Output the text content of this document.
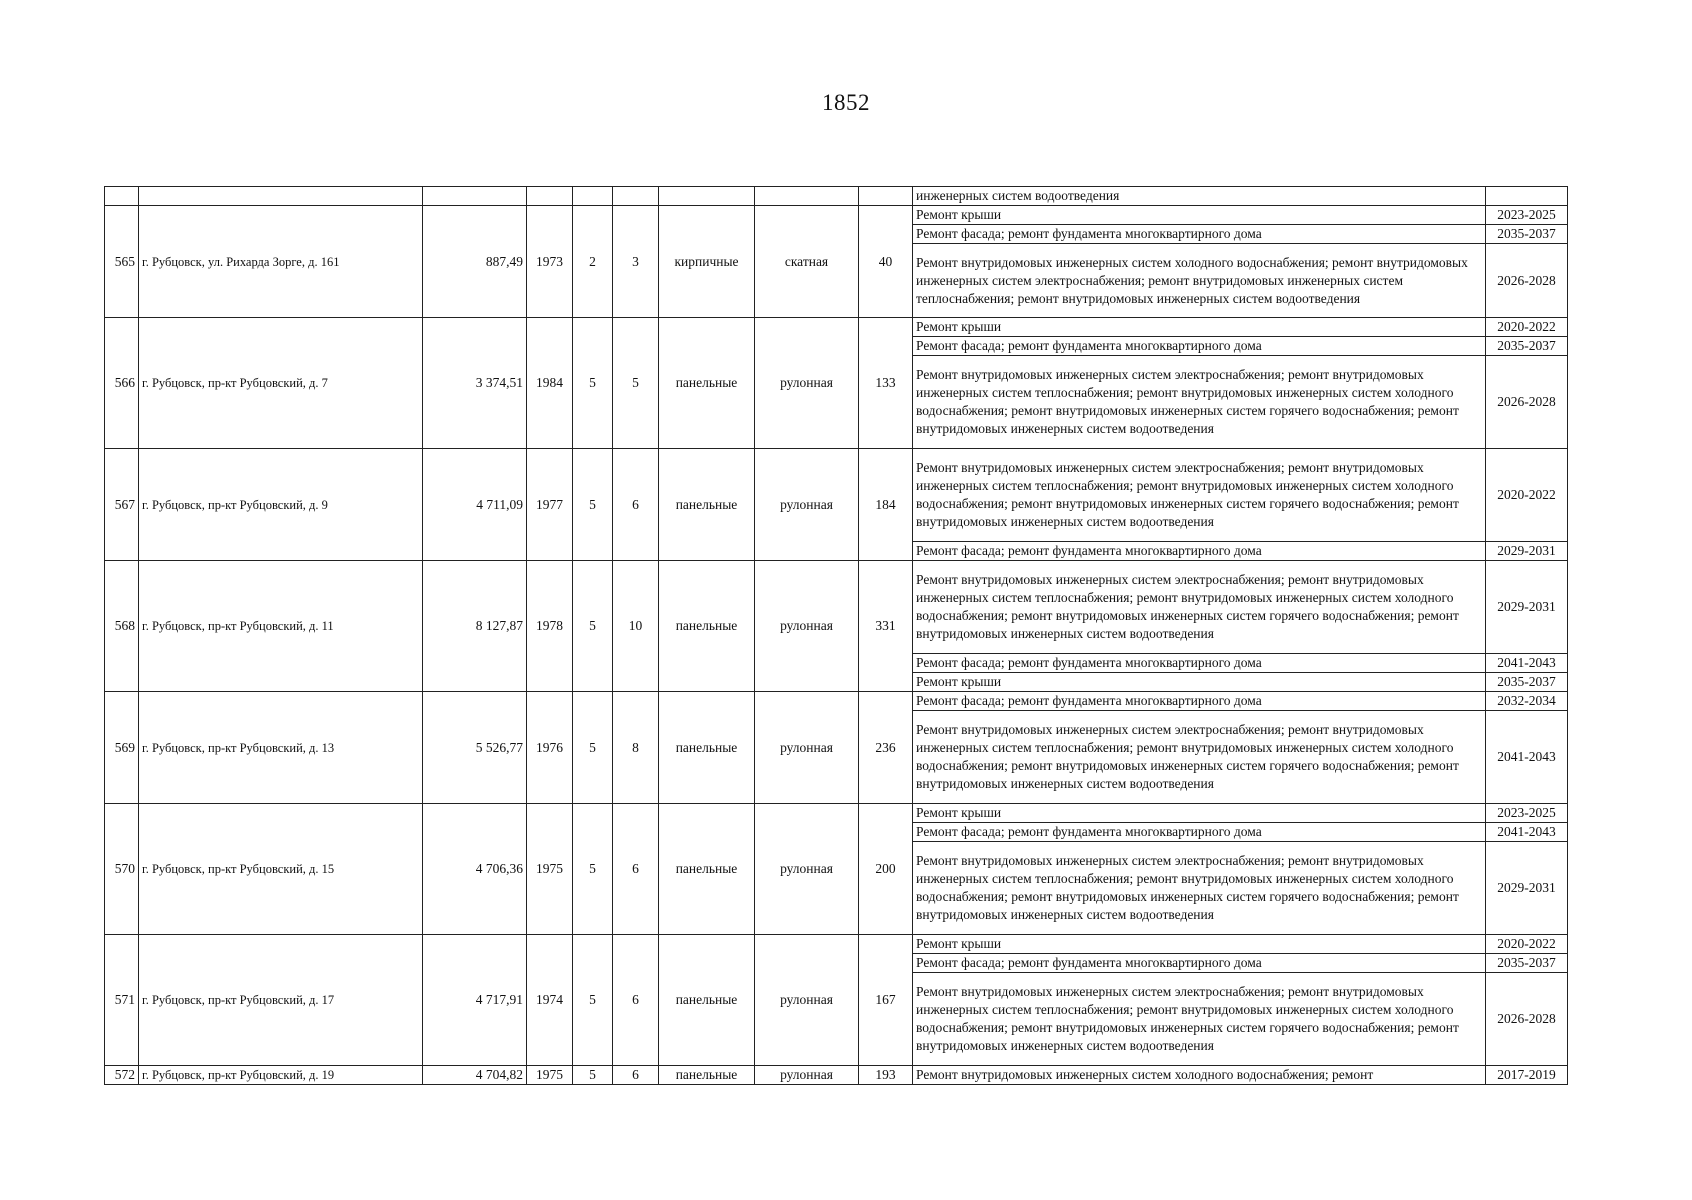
1852
									инженерных систем водоотведения	
565	г. Рубцовск, ул. Рихарда Зорге, д. 161	887,49	1973	2	3	кирпичные	скатная	40	Ремонт крыши	2023-2025
									Ремонт фасада; ремонт фундамента многоквартирного дома	2035-2037
									Ремонт внутридомовых инженерных систем холодного водоснабжения; ремонт внутридомовых инженерных систем электроснабжения; ремонт внутридомовых инженерных систем теплоснабжения; ремонт внутридомовых инженерных систем водоотведения	2026-2028
566	г. Рубцовск, пр-кт Рубцовский, д. 7	3 374,51	1984	5	5	панельные	рулонная	133	Ремонт крыши	2020-2022
									Ремонт фасада; ремонт фундамента многоквартирного дома	2035-2037
									Ремонт внутридомовых инженерных систем электроснабжения; ремонт внутридомовых инженерных систем теплоснабжения; ремонт внутридомовых инженерных систем холодного водоснабжения; ремонт внутридомовых инженерных систем горячего водоснабжения; ремонт внутридомовых инженерных систем водоотведения	2026-2028
567	г. Рубцовск, пр-кт Рубцовский, д. 9	4 711,09	1977	5	6	панельные	рулонная	184	Ремонт внутридомовых инженерных систем электроснабжения; ремонт внутридомовых инженерных систем теплоснабжения; ремонт внутридомовых инженерных систем холодного водоснабжения; ремонт внутридомовых инженерных систем горячего водоснабжения; ремонт внутридомовых инженерных систем водоотведения	2020-2022
									Ремонт фасада; ремонт фундамента многоквартирного дома	2029-2031
568	г. Рубцовск, пр-кт Рубцовский, д. 11	8 127,87	1978	5	10	панельные	рулонная	331	Ремонт внутридомовых инженерных систем электроснабжения; ремонт внутридомовых инженерных систем теплоснабжения; ремонт внутридомовых инженерных систем холодного водоснабжения; ремонт внутридомовых инженерных систем горячего водоснабжения; ремонт внутридомовых инженерных систем водоотведения	2029-2031
									Ремонт фасада; ремонт фундамента многоквартирного дома	2041-2043
									Ремонт крыши	2035-2037
569	г. Рубцовск, пр-кт Рубцовский, д. 13	5 526,77	1976	5	8	панельные	рулонная	236	Ремонт фасада; ремонт фундамента многоквартирного дома	2032-2034
									Ремонт внутридомовых инженерных систем электроснабжения; ремонт внутридомовых инженерных систем теплоснабжения; ремонт внутридомовых инженерных систем холодного водоснабжения; ремонт внутридомовых инженерных систем горячего водоснабжения; ремонт внутридомовых инженерных систем водоотведения	2041-2043
570	г. Рубцовск, пр-кт Рубцовский, д. 15	4 706,36	1975	5	6	панельные	рулонная	200	Ремонт крыши	2023-2025
									Ремонт фасада; ремонт фундамента многоквартирного дома	2041-2043
									Ремонт внутридомовых инженерных систем электроснабжения; ремонт внутридомовых инженерных систем теплоснабжения; ремонт внутридомовых инженерных систем холодного водоснабжения; ремонт внутридомовых инженерных систем горячего водоснабжения; ремонт внутридомовых инженерных систем водоотведения	2029-2031
571	г. Рубцовск, пр-кт Рубцовский, д. 17	4 717,91	1974	5	6	панельные	рулонная	167	Ремонт крыши	2020-2022
									Ремонт фасада; ремонт фундамента многоквартирного дома	2035-2037
									Ремонт внутридомовых инженерных систем электроснабжения; ремонт внутридомовых инженерных систем теплоснабжения; ремонт внутридомовых инженерных систем холодного водоснабжения; ремонт внутридомовых инженерных систем горячего водоснабжения; ремонт внутридомовых инженерных систем водоотведения	2026-2028
572	г. Рубцовск, пр-кт Рубцовский, д. 19	4 704,82	1975	5	6	панельные	рулонная	193	Ремонт внутридомовых инженерных систем холодного водоснабжения; ремонт	2017-2019
